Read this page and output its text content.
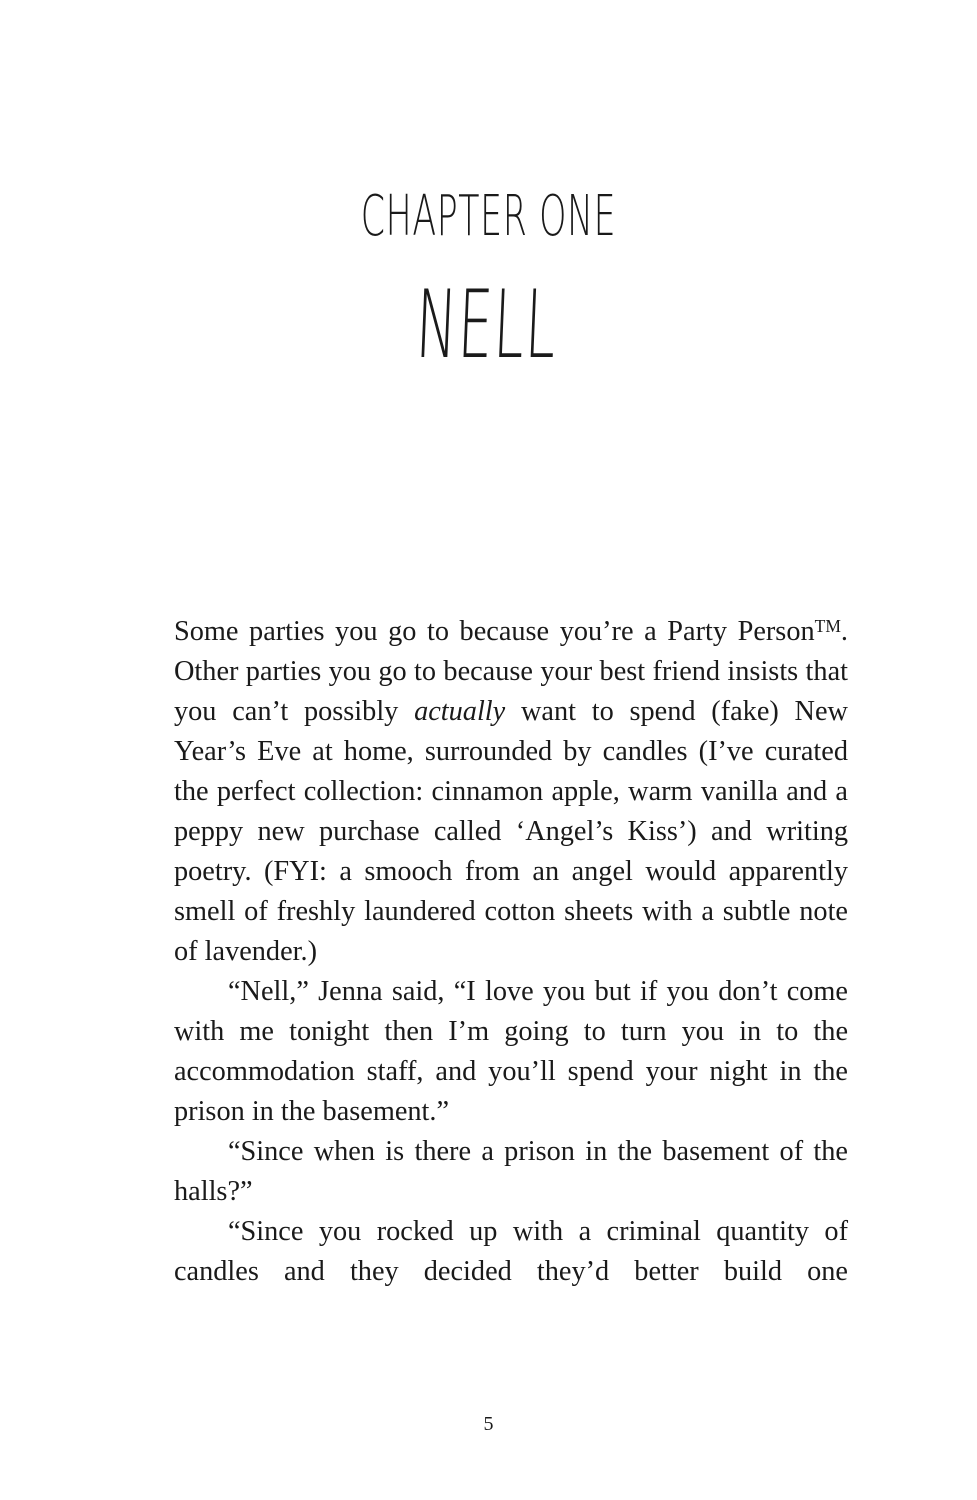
CHAPTER ONE
NELL

Some parties you go to because you’re a Party Person™. Other parties you go to because your best friend insists that you can’t possibly actually want to spend (fake) New Year’s Eve at home, surrounded by candles (I’ve curated the perfect collection: cinnamon apple, warm vanilla and a peppy new purchase called ‘Angel’s Kiss’) and writing poetry. (FYI: a smooch from an angel would apparently smell of freshly laundered cotton sheets with a subtle note of lavender.)

“Nell,” Jenna said, “I love you but if you don’t come with me tonight then I’m going to turn you in to the accommodation staff, and you’ll spend your night in the prison in the basement.”

“Since when is there a prison in the basement of the halls?”

“Since you rocked up with a criminal quantity of candles and they decided they’d better build one

5
